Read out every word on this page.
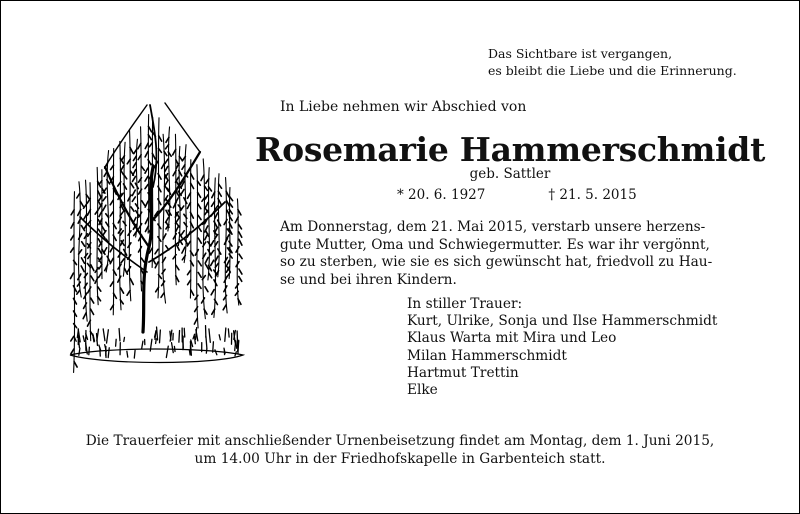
Das Sichtbare ist vergangen,
es bleibt die Liebe und die Erinnerung.
In Liebe nehmen wir Abschied von
Rosemarie Hammerschmidt
geb. Sattler
* 20. 6. 1927	† 21. 5. 2015
Am Donnerstag, dem 21. Mai 2015, verstarb unsere herzens-
gute Mutter, Oma und Schwiegermutter. Es war ihr vergönnt,
so zu sterben, wie sie es sich gewünscht hat, friedvoll zu Hau-
se und bei ihren Kindern.
In stiller Trauer:
Kurt, Ulrike, Sonja und Ilse Hammerschmidt
Klaus Warta mit Mira und Leo
Milan Hammerschmidt
Hartmut Trettin
Elke
Die Trauerfeier mit anschließender Urnenbeisetzung findet am Montag, dem 1. Juni 2015,
um 14.00 Uhr in der Friedhofskapelle in Garbenteich statt.
